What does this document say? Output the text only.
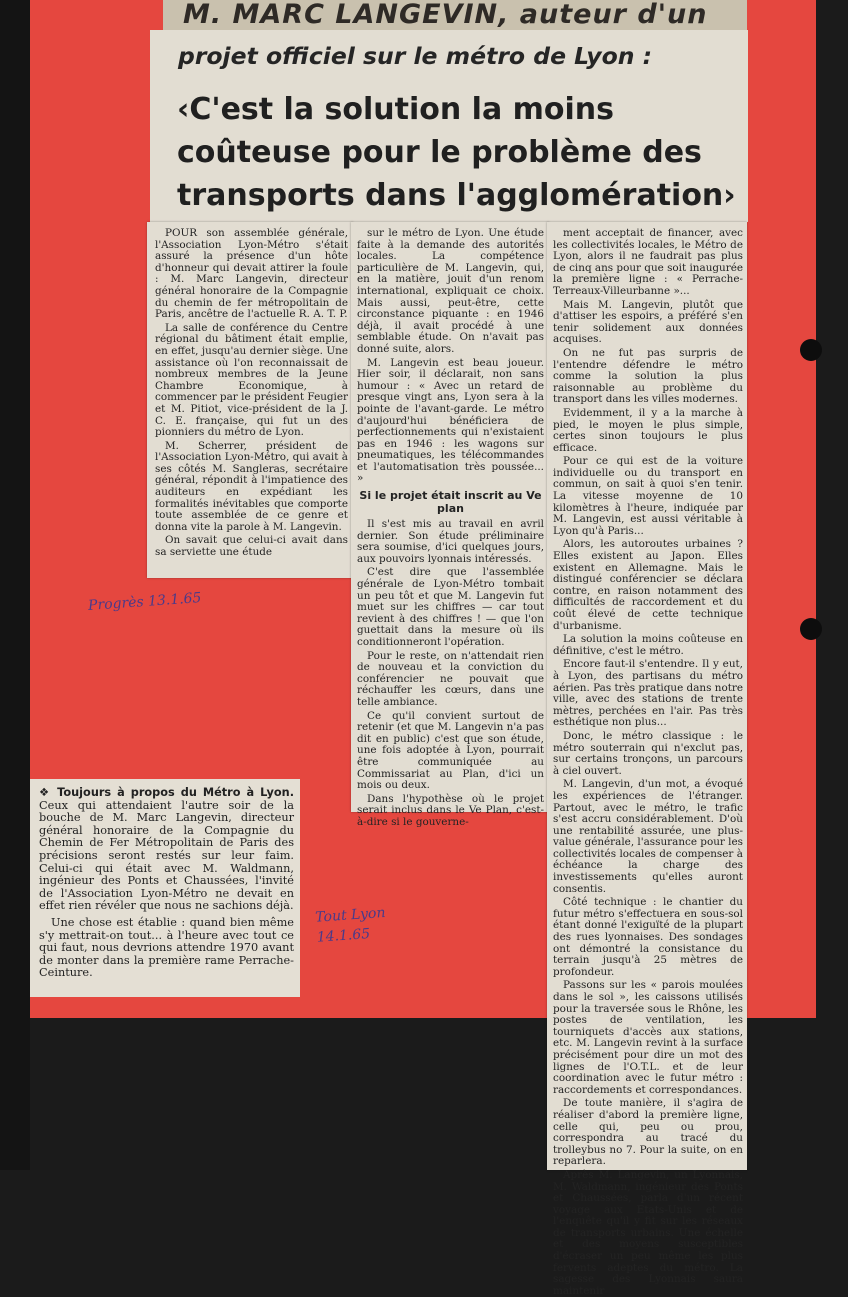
M. MARC LANGEVIN, auteur d'un
projet officiel sur le métro de Lyon :
‹C'est la solution la moins
coûteuse pour le problème des
transports dans l'agglomération›

POUR son assemblée générale, l'Association Lyon-Métro s'était assuré la présence d'un hôte d'honneur qui devait attirer la foule : M. Marc Langevin, directeur général honoraire de la Compagnie du chemin de fer métropolitain de Paris, ancêtre de l'actuelle R. A. T. P.

La salle de conférence du Centre régional du bâtiment était emplie, en effet, jusqu'au dernier siège. Une assistance où l'on reconnaissait de nombreux membres de la Jeune Chambre Economique, à commencer par le président Feugier et M. Pitiot, vice-président de la J. C. E. française, qui fut un des pionniers du métro de Lyon.

M. Scherrer, président de l'Association Lyon-Métro, qui avait à ses côtés M. Sangleras, secrétaire général, répondit à l'impatience des auditeurs en expédiant les formalités inévitables que comporte toute assemblée de ce genre et donna vite la parole à M. Langevin.

On savait que celui-ci avait dans sa serviette une étude

sur le métro de Lyon. Une étude faite à la demande des autorités locales. La compétence particulière de M. Langevin, qui, en la matière, jouit d'un renom international, expliquait ce choix. Mais aussi, peut-être, cette circonstance piquante : en 1946 déjà, il avait procédé à une semblable étude. On n'avait pas donné suite, alors.

M. Langevin est beau joueur. Hier soir, il déclarait, non sans humour : « Avec un retard de presque vingt ans, Lyon sera à la pointe de l'avant-garde. Le métro d'aujourd'hui bénéficiera de perfectionnements qui n'existaient pas en 1946 : les wagons sur pneumatiques, les télécommandes et l'automatisation très poussée... »

Si le projet était inscrit au Ve plan

Il s'est mis au travail en avril dernier. Son étude préliminaire sera soumise, d'ici quelques jours, aux pouvoirs lyonnais intéressés.

C'est dire que l'assemblée générale de Lyon-Métro tombait un peu tôt et que M. Langevin fut muet sur les chiffres — car tout revient à des chiffres ! — que l'on guettait dans la mesure où ils conditionneront l'opération.

Pour le reste, on n'attendait rien de nouveau et la conviction du conférencier ne pouvait que réchauffer les cœurs, dans une telle ambiance.

Ce qu'il convient surtout de retenir (et que M. Langevin n'a pas dit en public) c'est que son étude, une fois adoptée à Lyon, pourrait être communiquée au Commissariat au Plan, d'ici un mois ou deux.

Dans l'hypothèse où le projet serait inclus dans le Ve Plan, c'est-à-dire si le gouverne-

ment acceptait de financer, avec les collectivités locales, le Métro de Lyon, alors il ne faudrait pas plus de cinq ans pour que soit inaugurée la première ligne : « Perrache-Terreaux-Villeurbanne »...

Mais M. Langevin, plutôt que d'attiser les espoirs, a préféré s'en tenir solidement aux données acquises.

On ne fut pas surpris de l'entendre défendre le métro comme la solution la plus raisonnable au problème du transport dans les villes modernes.

Evidemment, il y a la marche à pied, le moyen le plus simple, certes sinon toujours le plus efficace.

Pour ce qui est de la voiture individuelle ou du transport en commun, on sait à quoi s'en tenir. La vitesse moyenne de 10 kilomètres à l'heure, indiquée par M. Langevin, est aussi véritable à Lyon qu'à Paris...

Alors, les autoroutes urbaines ? Elles existent au Japon. Elles existent en Allemagne. Mais le distingué conférencier se déclara contre, en raison notamment des difficultés de raccordement et du coût élevé de cette technique d'urbanisme.

La solution la moins coûteuse en définitive, c'est le métro.

Encore faut-il s'entendre. Il y eut, à Lyon, des partisans du métro aérien. Pas très pratique dans notre ville, avec des stations de trente mètres, perchées en l'air. Pas très esthétique non plus...

Donc, le métro classique : le métro souterrain qui n'exclut pas, sur certains tronçons, un parcours à ciel ouvert.

M. Langevin, d'un mot, a évoqué les expériences de l'étranger. Partout, avec le métro, le trafic s'est accru considérablement. D'où une rentabilité assurée, une plus-value générale, l'assurance pour les collectivités locales de compenser à échéance la charge des investissements qu'elles auront consentis.

Côté technique : le chantier du futur métro s'effectuera en sous-sol étant donné l'exiguïté de la plupart des rues lyonnaises. Des sondages ont démontré la consistance du terrain jusqu'à 25 mètres de profondeur.

Passons sur les « parois moulées dans le sol », les caissons utilisés pour la traversée sous le Rhône, les postes de ventilation, les tourniquets d'accès aux stations, etc. M. Langevin revint à la surface précisément pour dire un mot des lignes de l'O.T.L. et de leur coordination avec le futur métro : raccordements et correspondances.

De toute manière, il s'agira de réaliser d'abord la première ligne, celle qui, peu ou prou, correspondra au tracé du trolleybus no 7. Pour la suite, on en reparlera.

Après M. Langevin, un Lyonnais, M. Waldmann, ingénieur des Ponts et Chaussées, parla d'un récent voyage aux Etats-Unis et de l'enquête qu'il y fit sur les réseaux de transports urbains. Une échelle et des moyens susceptibles d'écraser un peu même les plus fervents adeptes du métro. La sagesse des Lyonnais saura maintenir

❖ Toujours à propos du Métro à Lyon. Ceux qui attendaient l'autre soir de la bouche de M. Marc Langevin, directeur général honoraire de la Compagnie du Chemin de Fer Métropolitain de Paris des précisions seront restés sur leur faim. Celui-ci qui était avec M. Waldmann, ingénieur des Ponts et Chaussées, l'invité de l'Association Lyon-Métro ne devait en effet rien révéler que nous ne sachions déjà.

Une chose est établie : quand bien même s'y mettrait-on tout... à l'heure avec tout ce qui faut, nous devrions attendre 1970 avant de monter dans la première rame Perrache-Ceinture.

Progrès 13.1.65
Tout Lyon 14.1.65
